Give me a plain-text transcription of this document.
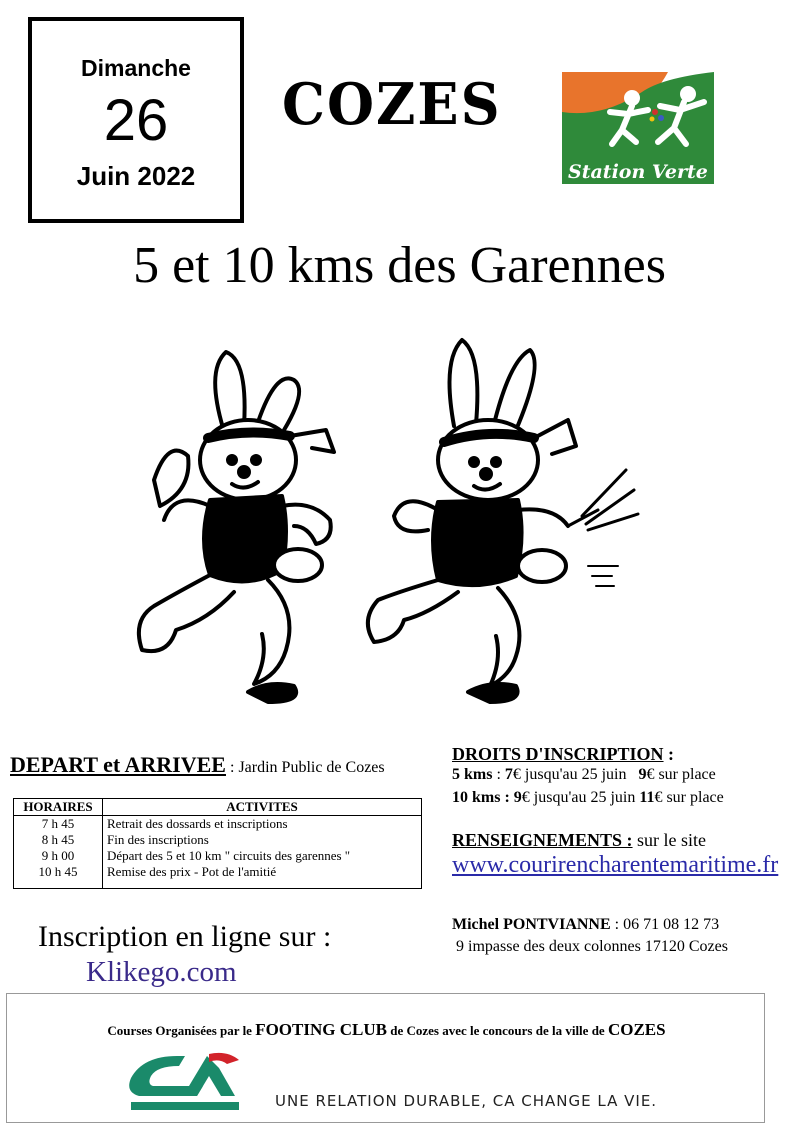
Dimanche
26
Juin 2022
COZES
Station Verte
5 et 10 kms des Garennes
DEPART et ARRIVEE : Jardin Public de Cozes
HORAIRES	ACTIVITES
7 h 45	Retrait des dossards et inscriptions
8 h 45	Fin des inscriptions
9 h 00	Départ des 5 et 10 km " circuits des garennes "
10 h 45	Remise des prix - Pot de l'amitié
Inscription en ligne sur :
Klikego.com
DROITS D'INSCRIPTION :
5 kms : 7€ jusqu'au 25 juin 9€ sur place
10 kms : 9€ jusqu'au 25 juin 11€ sur place
RENSEIGNEMENTS : sur le site
www.courirencharentemaritime.fr
Michel PONTVIANNE : 06 71 08 12 73
9 impasse des deux colonnes 17120 Cozes
Courses Organisées par le FOOTING CLUB de Cozes avec le concours de la ville de COZES
UNE RELATION DURABLE, CA CHANGE LA VIE.
